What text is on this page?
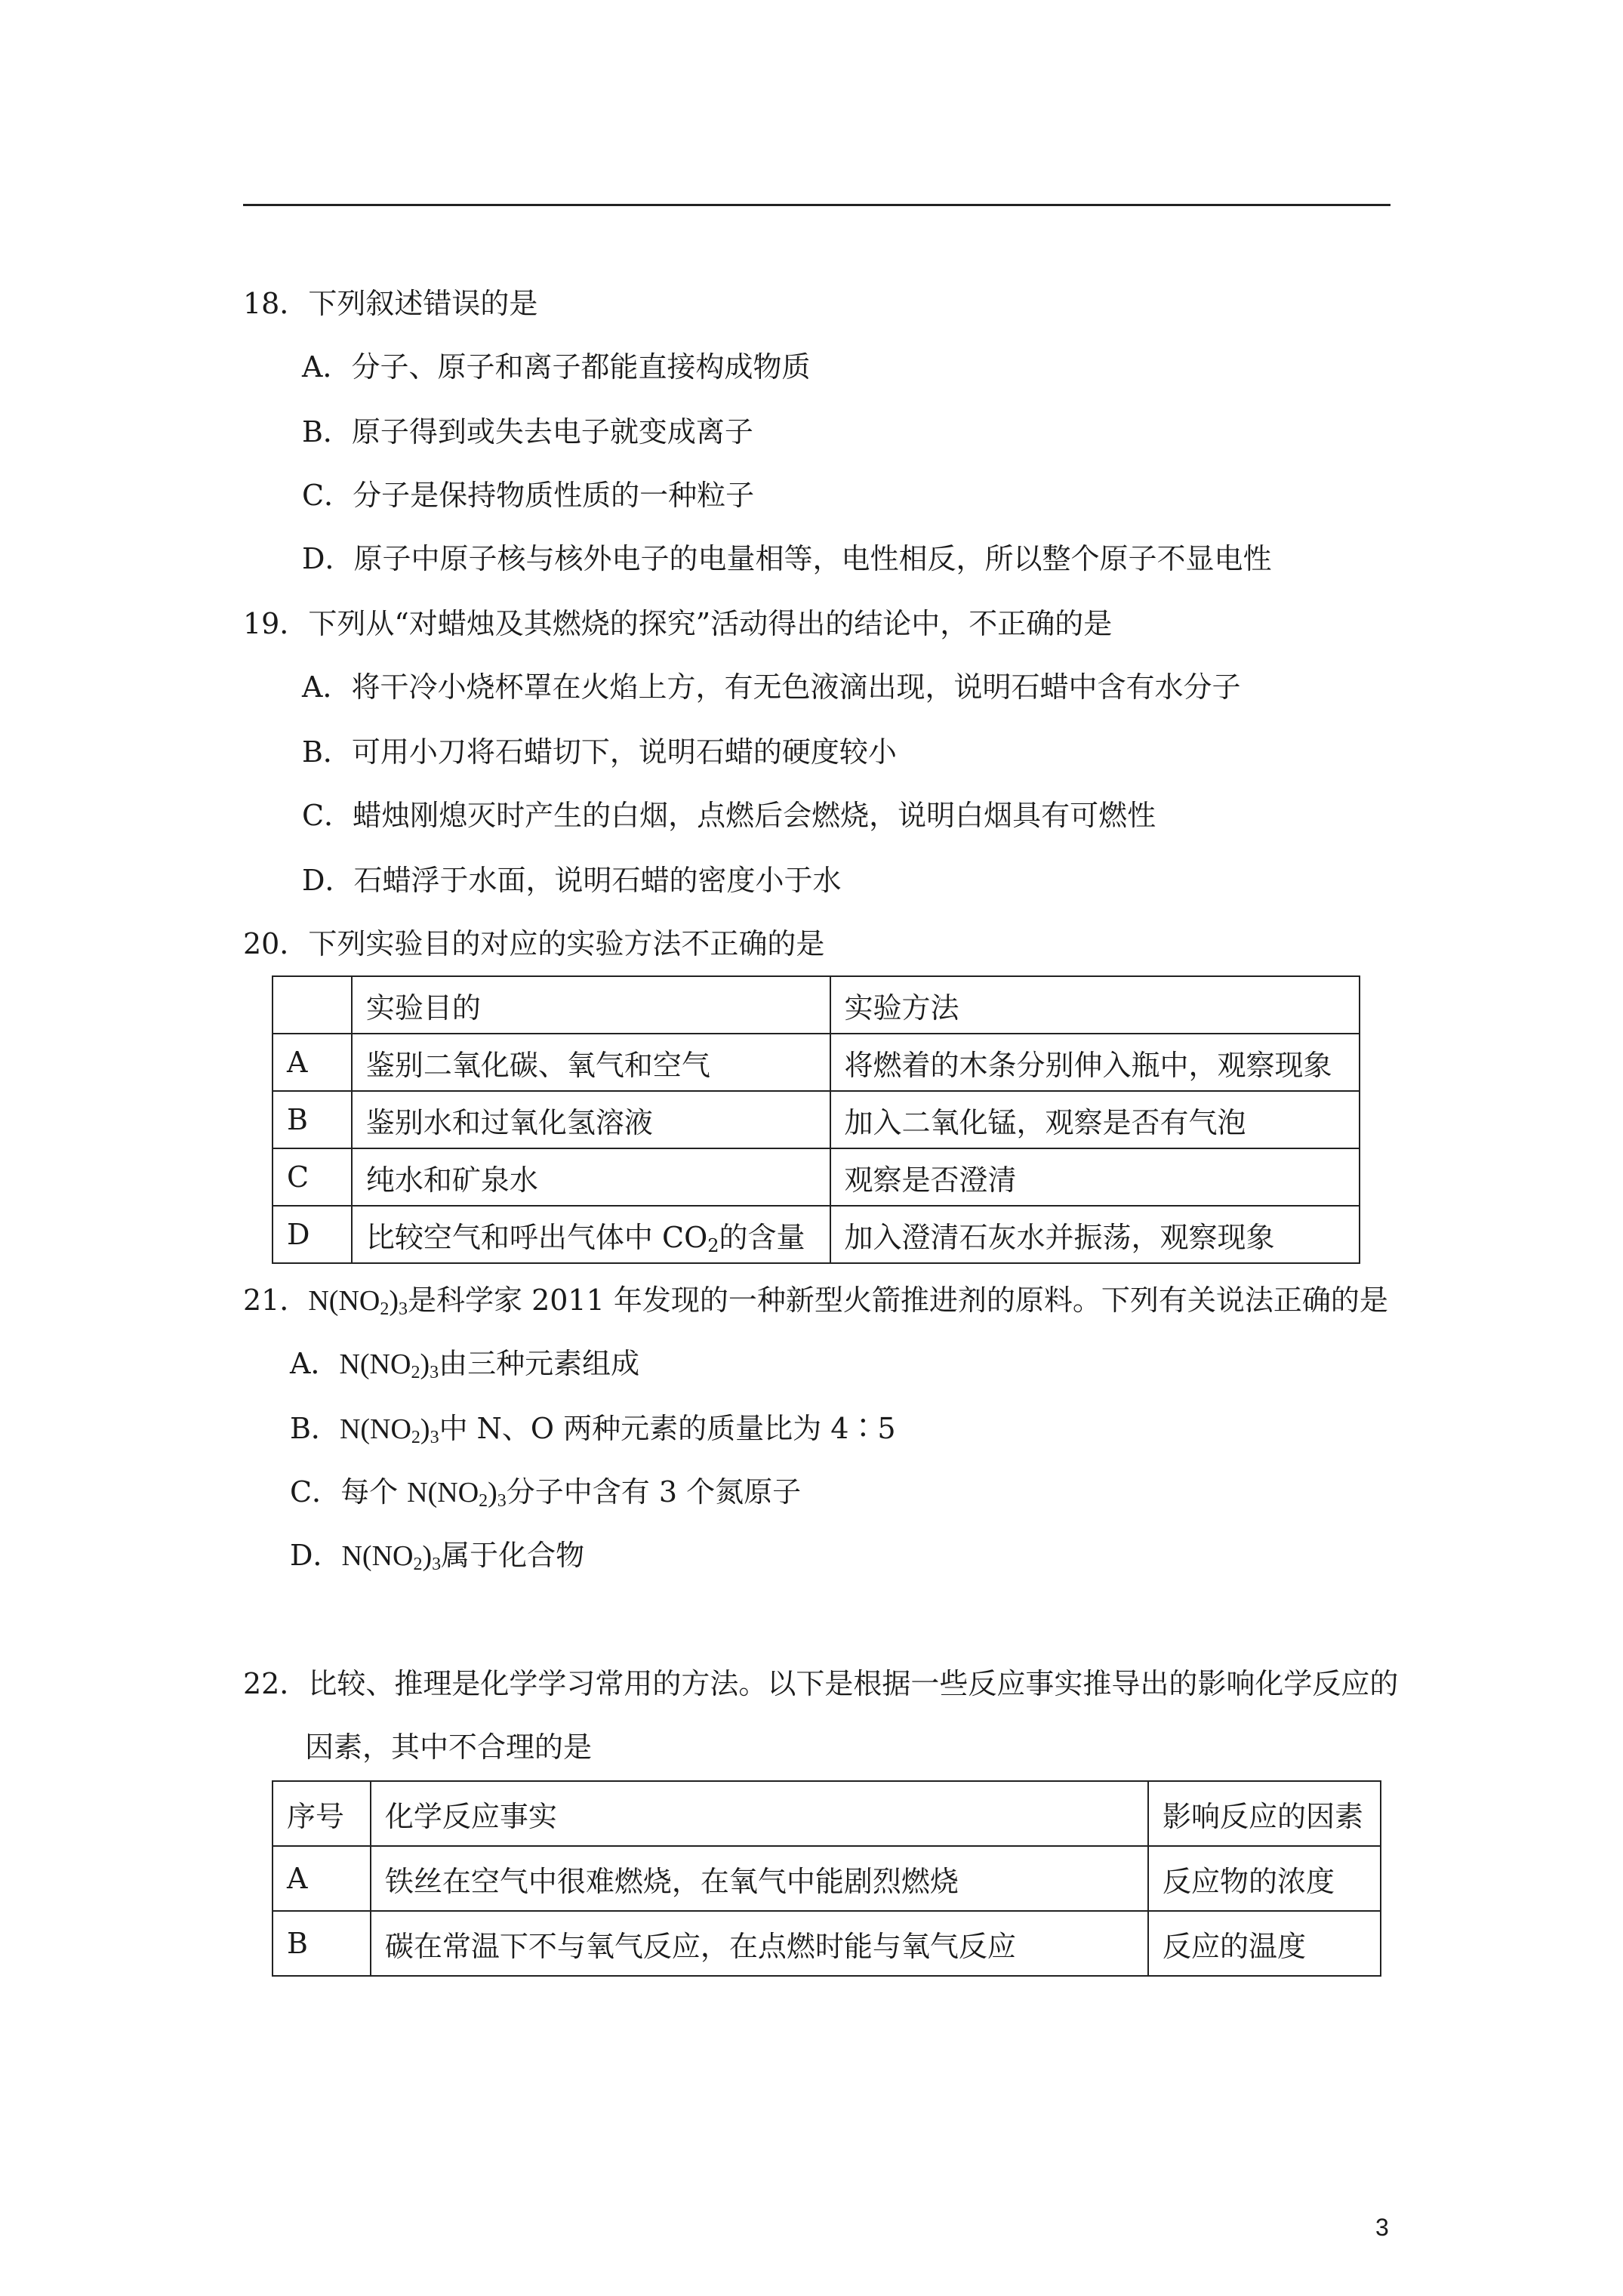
18．下列叙述错误的是
A．分子、原子和离子都能直接构成物质
B．原子得到或失去电子就变成离子
C．分子是保持物质性质的一种粒子
D．原子中原子核与核外电子的电量相等，电性相反，所以整个原子不显电性
19．下列从“对蜡烛及其燃烧的探究”活动得出的结论中，不正确的是
A．将干冷小烧杯罩在火焰上方，有无色液滴出现，说明石蜡中含有水分子
B．可用小刀将石蜡切下，说明石蜡的硬度较小
C．蜡烛刚熄灭时产生的白烟，点燃后会燃烧，说明白烟具有可燃性
D．石蜡浮于水面，说明石蜡的密度小于水
20．下列实验目的对应的实验方法不正确的是
	实验目的	实验方法
A	鉴别二氧化碳、氧气和空气	将燃着的木条分别伸入瓶中，观察现象
B	鉴别水和过氧化氢溶液	加入二氧化锰，观察是否有气泡
C	纯水和矿泉水	观察是否澄清
D	比较空气和呼出气体中 $CO_2$的含量	加入澄清石灰水并振荡，观察现象
21．$N(NO_2)_3$是科学家 2011 年发现的一种新型火箭推进剂的原料。下列有关说法正确的是
A．$N(NO_2)_3$由三种元素组成
B．$N(NO_2)_3$中 N、O 两种元素的质量比为 4∶5
C．每个 $N(NO_2)_3$分子中含有 3 个氮原子
D．$N(NO_2)_3$属于化合物
22．比较、推理是化学学习常用的方法。以下是根据一些反应事实推导出的影响化学反应的
因素，其中不合理的是
序号	化学反应事实	影响反应的因素
A	铁丝在空气中很难燃烧，在氧气中能剧烈燃烧	反应物的浓度
B	碳在常温下不与氧气反应，在点燃时能与氧气反应	反应的温度
3
